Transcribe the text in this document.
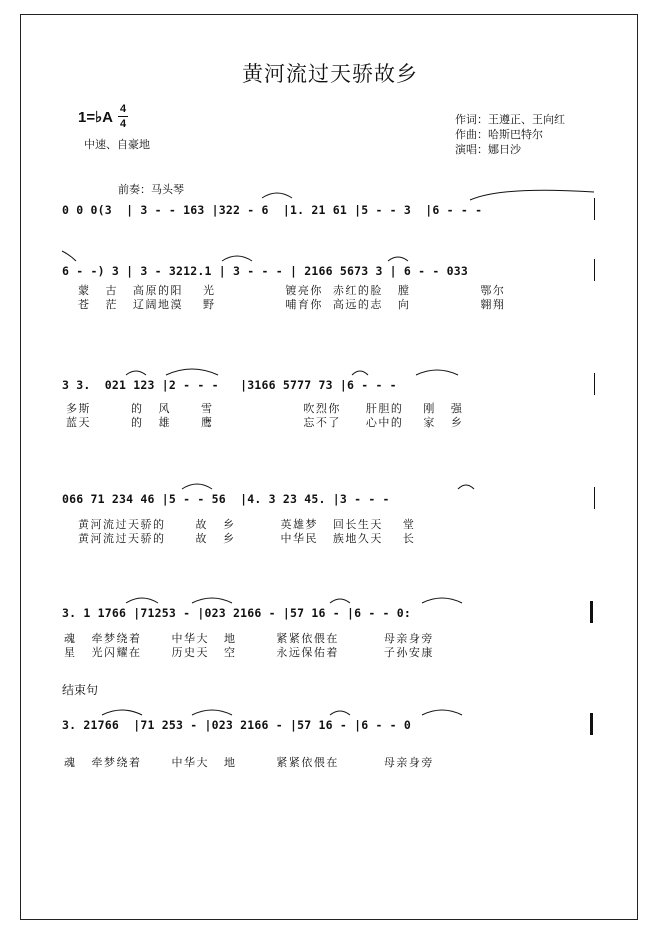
黄河流过天骄故乡
1=♭A 4
4
中速、自豪地
作词：王遵正、王向红
作曲：哈斯巴特尔
演唱：娜日沙
前奏：马头琴

0 0 0(3  | 3 - - 163 |322 - 6  |1. 21 61 |5 - - 3  |6 - - -

6 - -) 3 | 3 - 3212.1 | 3 - - - | 2166 5673 3 | 6 - - 033

蒙   古   高原的阳    光              镀亮你  赤红的脸   膛              鄂尔
苍   茫   辽阔地漠    野              哺育你  高远的志   向              翱翔

3 3.  021 123 |2 - - -   |3166 5777 73 |6 - - -

多斯        的   风      雪                  吹烈你     肝胆的    刚   强
蓝天        的   雄      鹰                  忘不了     心中的    家   乡

066 71 234 46 |5 - - 56  |4. 3 23 45. |3 - - -

黄河流过天骄的      故   乡         英雄梦   回长生天    堂
黄河流过天骄的      故   乡         中华民   族地久天    长

3. 1 1766 |71253 - |023 2166 - |57 16 - |6 - - 0:

魂   牵梦绕着      中华大   地        紧紧依偎在         母亲身旁
星   光闪耀在      历史天   空        永远保佑着         子孙安康
结束句

3. 21766  |71 253 - |023 2166 - |57 16 - |6 - - 0

魂   牵梦绕着      中华大   地        紧紧依偎在         母亲身旁
